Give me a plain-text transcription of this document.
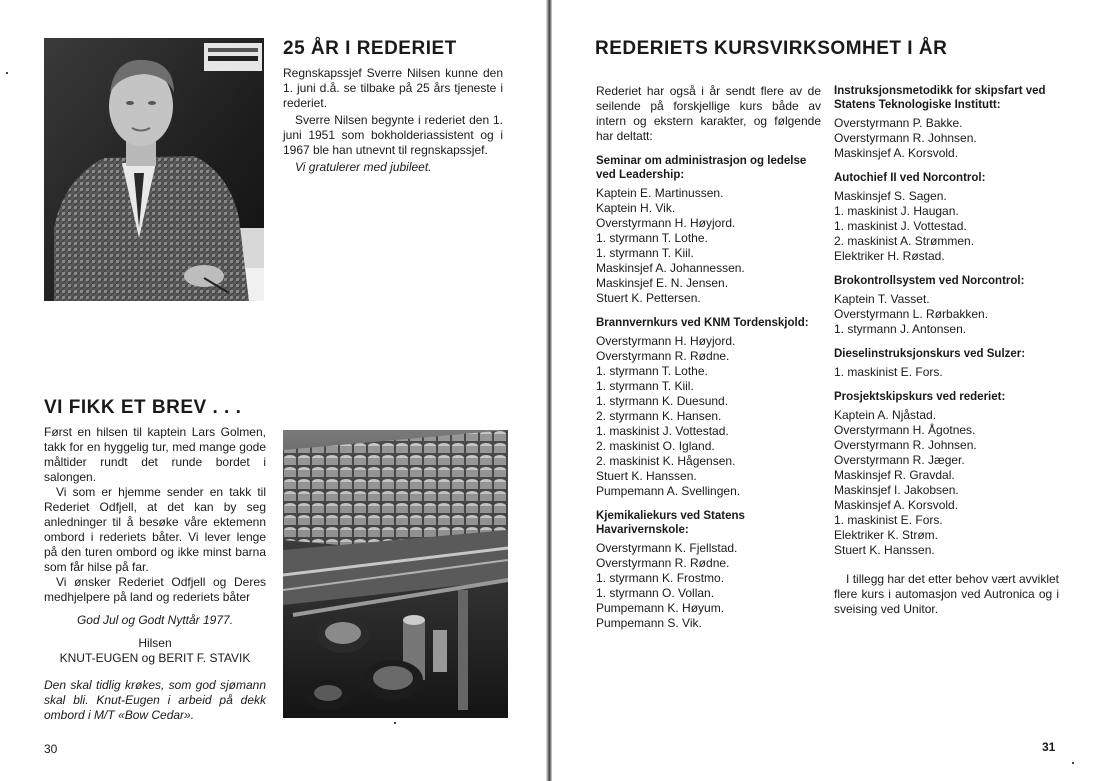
25 ÅR I REDERIET

Regnskapssjef Sverre Nilsen kunne den 1. juni d.å. se tilbake på 25 års tjeneste i rederiet.

Sverre Nilsen begynte i rederiet den 1. juni 1951 som bokholderiassistent og i 1967 ble han utnevnt til regnskapssjef.

Vi gratulerer med jubileet.

VI FIKK ET BREV . . .

Først en hilsen til kaptein Lars Golmen, takk for en hyggelig tur, med mange gode måltider rundt det runde bordet i salongen.

Vi som er hjemme sender en takk til Rederiet Odfjell, at det kan by seg anledninger til å besøke våre ektemenn ombord i rederiets båter. Vi lever lenge på den turen ombord og ikke minst barna som får hilse på far.

Vi ønsker Rederiet Odfjell og Deres medhjelpere på land og rederiets båter

God Jul og Godt Nyttår 1977.

Hilsen

KNUT-EUGEN og BERIT F. STAVIK

Den skal tidlig krøkes, som god sjømann skal bli. Knut-Eugen i arbeid på dekk ombord i M/T «Bow Cedar».

30
REDERIETS KURSVIRKSOMHET I ÅR

Rederiet har også i år sendt flere av de seilende på forskjellige kurs både av intern og ekstern karakter, og følgende har deltatt:

Seminar om administrasjon og ledelse ved Leadership:
Kaptein E. Martinussen.
Kaptein H. Vik.
Overstyrmann H. Høyjord.
1. styrmann T. Lothe.
1. styrmann T. Kiil.
Maskinsjef A. Johannessen.
Maskinsjef E. N. Jensen.
Stuert K. Pettersen.
Brannvernkurs ved KNM Tordenskjold:
Overstyrmann H. Høyjord.
Overstyrmann R. Rødne.
1. styrmann T. Lothe.
1. styrmann T. Kiil.
1. styrmann K. Duesund.
2. styrmann K. Hansen.
1. maskinist J. Vottestad.
2. maskinist O. Igland.
2. maskinist K. Hågensen.
Stuert K. Hanssen.
Pumpemann A. Svellingen.
Kjemikaliekurs ved Statens Havarivernskole:
Overstyrmann K. Fjellstad.
Overstyrmann R. Rødne.
1. styrmann K. Frostmo.
1. styrmann O. Vollan.
Pumpemann K. Høyum.
Pumpemann S. Vik.
Instruksjonsmetodikk for skipsfart ved Statens Teknologiske Institutt:
Overstyrmann P. Bakke.
Overstyrmann R. Johnsen.
Maskinsjef A. Korsvold.
Autochief II ved Norcontrol:
Maskinsjef S. Sagen.
1. maskinist J. Haugan.
1. maskinist J. Vottestad.
2. maskinist A. Strømmen.
Elektriker H. Røstad.
Brokontrollsystem ved Norcontrol:
Kaptein T. Vasset.
Overstyrmann L. Rørbakken.
1. styrmann J. Antonsen.
Dieselinstruksjonskurs ved Sulzer:
1. maskinist E. Fors.
Prosjektskipskurs ved rederiet:
Kaptein A. Njåstad.
Overstyrmann H. Ågotnes.
Overstyrmann R. Johnsen.
Overstyrmann R. Jæger.
Maskinsjef R. Gravdal.
Maskinsjef I. Jakobsen.
Maskinsjef A. Korsvold.
1. maskinist E. Fors.
Elektriker K. Strøm.
Stuert K. Hanssen.

I tillegg har det etter behov vært avviklet flere kurs i automasjon ved Autronica og i sveising ved Unitor.

31
